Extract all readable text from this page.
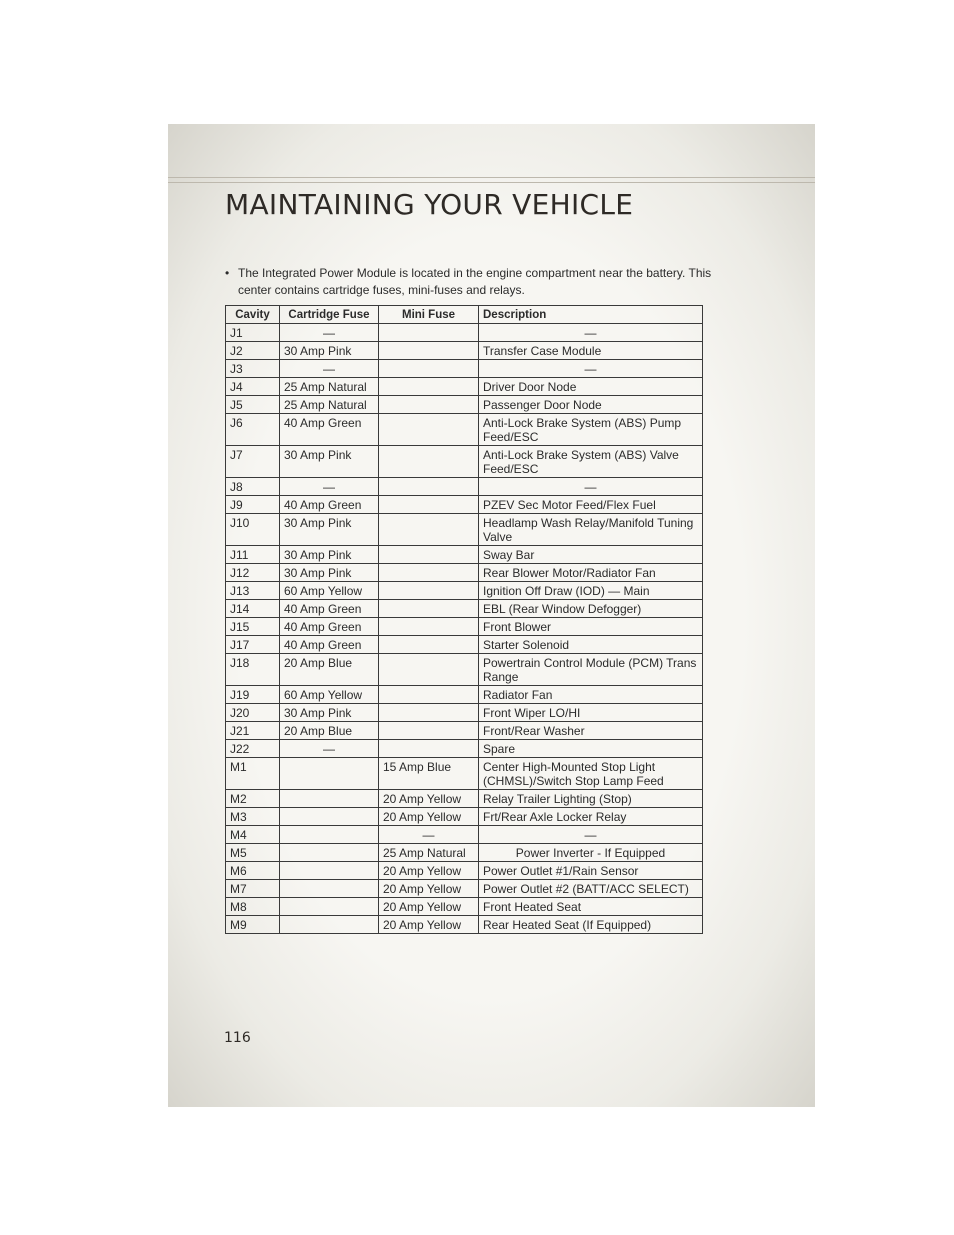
MAINTAINING YOUR VEHICLE
• The Integrated Power Module is located in the engine compartment near the battery. This center contains cartridge fuses, mini-fuses and relays.
Cavity	Cartridge Fuse	Mini Fuse	Description
J1	—		—
J2	30 Amp Pink		Transfer Case Module
J3	—		—
J4	25 Amp Natural		Driver Door Node
J5	25 Amp Natural		Passenger Door Node
J6	40 Amp Green		Anti-Lock Brake System (ABS) Pump Feed/ESC
J7	30 Amp Pink		Anti-Lock Brake System (ABS) Valve Feed/ESC
J8	—		—
J9	40 Amp Green		PZEV Sec Motor Feed/Flex Fuel
J10	30 Amp Pink		Headlamp Wash Relay/Manifold Tuning Valve
J11	30 Amp Pink		Sway Bar
J12	30 Amp Pink		Rear Blower Motor/Radiator Fan
J13	60 Amp Yellow		Ignition Off Draw (IOD) — Main
J14	40 Amp Green		EBL (Rear Window Defogger)
J15	40 Amp Green		Front Blower
J17	40 Amp Green		Starter Solenoid
J18	20 Amp Blue		Powertrain Control Module (PCM) Trans Range
J19	60 Amp Yellow		Radiator Fan
J20	30 Amp Pink		Front Wiper LO/HI
J21	20 Amp Blue		Front/Rear Washer
J22	—		Spare
M1		15 Amp Blue	Center High-Mounted Stop Light (CHMSL)/Switch Stop Lamp Feed
M2		20 Amp Yellow	Relay Trailer Lighting (Stop)
M3		20 Amp Yellow	Frt/Rear Axle Locker Relay
M4		—	—
M5		25 Amp Natural	Power Inverter - If Equipped
M6		20 Amp Yellow	Power Outlet #1/Rain Sensor
M7		20 Amp Yellow	Power Outlet #2 (BATT/ACC SELECT)
M8		20 Amp Yellow	Front Heated Seat
M9		20 Amp Yellow	Rear Heated Seat (If Equipped)
116
